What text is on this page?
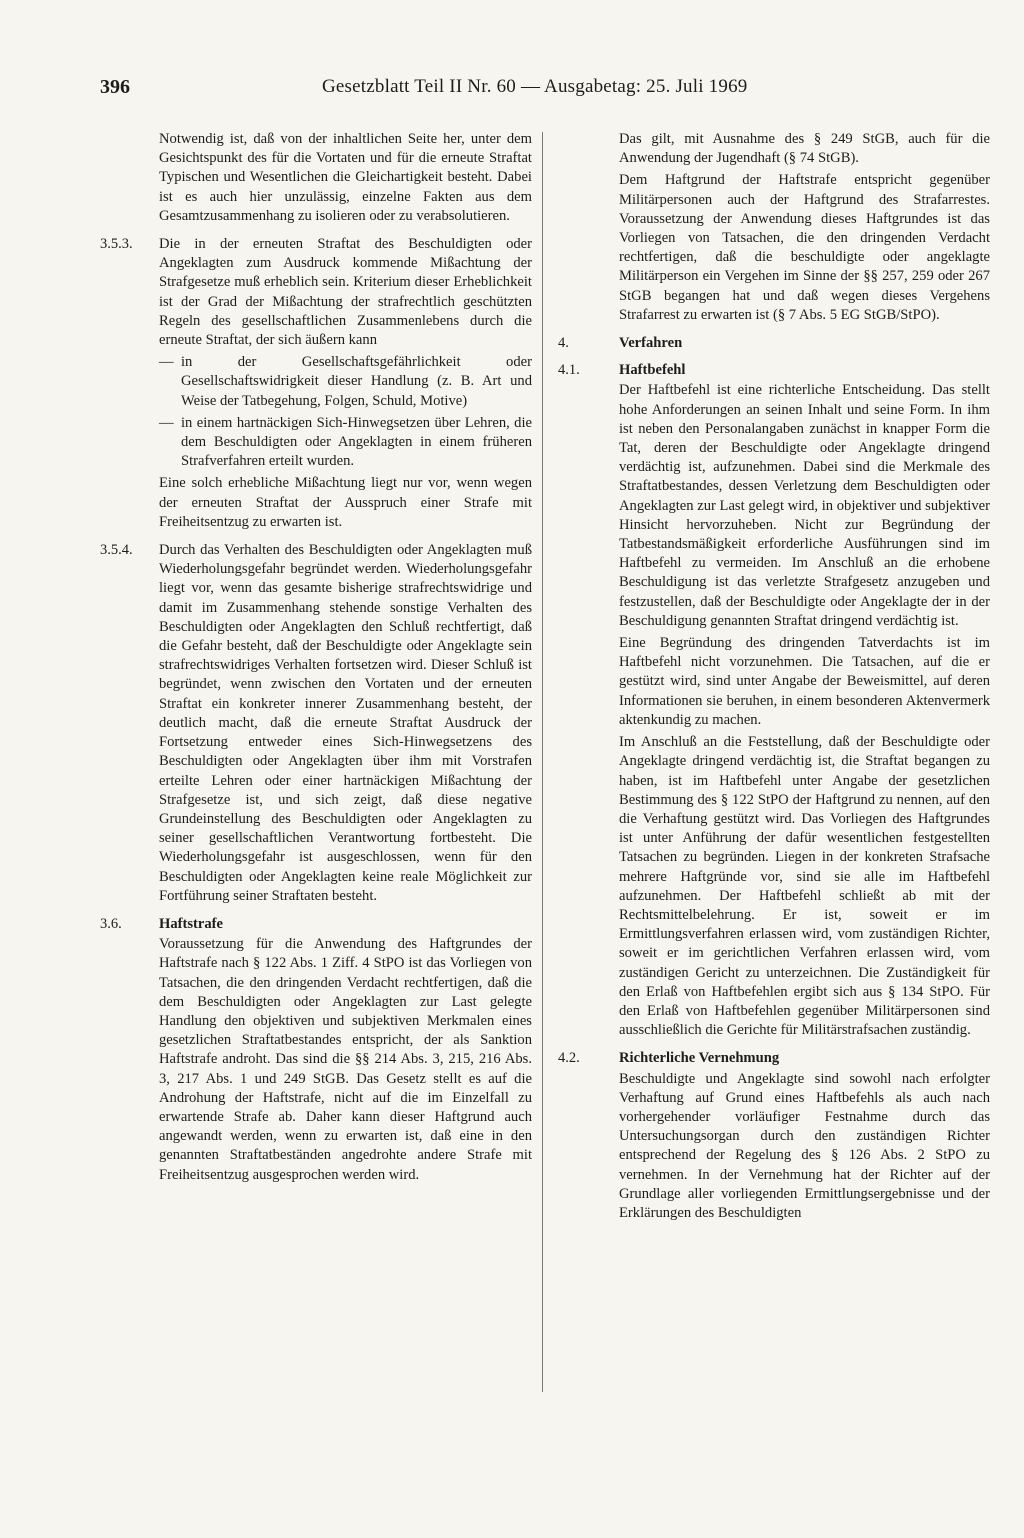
396	Gesetzblatt Teil II Nr. 60 — Ausgabetag: 25. Juli 1969

Notwendig ist, daß von der inhaltlichen Seite her, unter dem Gesichtspunkt des für die Vortaten und für die erneute Straftat Typischen und Wesentlichen die Gleichartigkeit besteht. Dabei ist es auch hier unzulässig, einzelne Fakten aus dem Gesamtzusammenhang zu isolieren oder zu verabsolutieren.

3.5.3. Die in der erneuten Straftat des Beschuldigten oder Angeklagten zum Ausdruck kommende Mißachtung der Strafgesetze muß erheblich sein. Kriterium dieser Erheblichkeit ist der Grad der Mißachtung der strafrechtlich geschützten Regeln des gesellschaftlichen Zusammenlebens durch die erneute Straftat, der sich äußern kann

— in der Gesellschaftsgefährlichkeit oder Gesellschaftswidrigkeit dieser Handlung (z. B. Art und Weise der Tatbegehung, Folgen, Schuld, Motive)

— in einem hartnäckigen Sich-Hinwegsetzen über Lehren, die dem Beschuldigten oder Angeklagten in einem früheren Strafverfahren erteilt wurden.

Eine solch erhebliche Mißachtung liegt nur vor, wenn wegen der erneuten Straftat der Ausspruch einer Strafe mit Freiheitsentzug zu erwarten ist.

3.5.4. Durch das Verhalten des Beschuldigten oder Angeklagten muß Wiederholungsgefahr begründet werden. Wiederholungsgefahr liegt vor, wenn das gesamte bisherige strafrechtswidrige und damit im Zusammenhang stehende sonstige Verhalten des Beschuldigten oder Angeklagten den Schluß rechtfertigt, daß die Gefahr besteht, daß der Beschuldigte oder Angeklagte sein strafrechtswidriges Verhalten fortsetzen wird. Dieser Schluß ist begründet, wenn zwischen den Vortaten und der erneuten Straftat ein konkreter innerer Zusammenhang besteht, der deutlich macht, daß die erneute Straftat Ausdruck der Fortsetzung entweder eines Sich-Hinwegsetzens des Beschuldigten oder Angeklagten über ihm mit Vorstrafen erteilte Lehren oder einer hartnäckigen Mißachtung der Strafgesetze ist, und sich zeigt, daß diese negative Grundeinstellung des Beschuldigten oder Angeklagten zu seiner gesellschaftlichen Verantwortung fortbesteht. Die Wiederholungsgefahr ist ausgeschlossen, wenn für den Beschuldigten oder Angeklagten keine reale Möglichkeit zur Fortführung seiner Straftaten besteht.

3.6.	Haftstrafe

Voraussetzung für die Anwendung des Haftgrundes der Haftstrafe nach § 122 Abs. 1 Ziff. 4 StPO ist das Vorliegen von Tatsachen, die den dringenden Verdacht rechtfertigen, daß die dem Beschuldigten oder Angeklagten zur Last gelegte Handlung den objektiven und subjektiven Merkmalen eines gesetzlichen Straftatbestandes entspricht, der als Sanktion Haftstrafe androht. Das sind die §§ 214 Abs. 3, 215, 216 Abs. 3, 217 Abs. 1 und 249 StGB. Das Gesetz stellt es auf die Androhung der Haftstrafe, nicht auf die im Einzelfall zu erwartende Strafe ab. Daher kann dieser Haftgrund auch angewandt werden, wenn zu erwarten ist, daß eine in den genannten Straftatbeständen angedrohte andere Strafe mit Freiheitsentzug ausgesprochen werden wird.

Das gilt, mit Ausnahme des § 249 StGB, auch für die Anwendung der Jugendhaft (§ 74 StGB).

Dem Haftgrund der Haftstrafe entspricht gegenüber Militärpersonen auch der Haftgrund des Strafarrestes. Voraussetzung der Anwendung dieses Haftgrundes ist das Vorliegen von Tatsachen, die den dringenden Verdacht rechtfertigen, daß die beschuldigte oder angeklagte Militärperson ein Vergehen im Sinne der §§ 257, 259 oder 267 StGB begangen hat und daß wegen dieses Vergehens Strafarrest zu erwarten ist (§ 7 Abs. 5 EG StGB/StPO).

4.	Verfahren
4.1.	Haftbefehl

Der Haftbefehl ist eine richterliche Entscheidung. Das stellt hohe Anforderungen an seinen Inhalt und seine Form. In ihm ist neben den Personalangaben zunächst in knapper Form die Tat, deren der Beschuldigte oder Angeklagte dringend verdächtig ist, aufzunehmen. Dabei sind die Merkmale des Straftatbestandes, dessen Verletzung dem Beschuldigten oder Angeklagten zur Last gelegt wird, in objektiver und subjektiver Hinsicht hervorzuheben. Nicht zur Begründung der Tatbestandsmäßigkeit erforderliche Ausführungen sind im Haftbefehl zu vermeiden. Im Anschluß an die erhobene Beschuldigung ist das verletzte Strafgesetz anzugeben und festzustellen, daß der Beschuldigte oder Angeklagte der in der Beschuldigung genannten Straftat dringend verdächtig ist.

Eine Begründung des dringenden Tatverdachts ist im Haftbefehl nicht vorzunehmen. Die Tatsachen, auf die er gestützt wird, sind unter Angabe der Beweismittel, auf deren Informationen sie beruhen, in einem besonderen Aktenvermerk aktenkundig zu machen.

Im Anschluß an die Feststellung, daß der Beschuldigte oder Angeklagte dringend verdächtig ist, die Straftat begangen zu haben, ist im Haftbefehl unter Angabe der gesetzlichen Bestimmung des § 122 StPO der Haftgrund zu nennen, auf den die Verhaftung gestützt wird. Das Vorliegen des Haftgrundes ist unter Anführung der dafür wesentlichen festgestellten Tatsachen zu begründen. Liegen in der konkreten Strafsache mehrere Haftgründe vor, sind sie alle im Haftbefehl aufzunehmen. Der Haftbefehl schließt ab mit der Rechtsmittelbelehrung. Er ist, soweit er im Ermittlungsverfahren erlassen wird, vom zuständigen Richter, soweit er im gerichtlichen Verfahren erlassen wird, vom zuständigen Gericht zu unterzeichnen. Die Zuständigkeit für den Erlaß von Haftbefehlen ergibt sich aus § 134 StPO. Für den Erlaß von Haftbefehlen gegenüber Militärpersonen sind ausschließlich die Gerichte für Militärstrafsachen zuständig.

4.2.	Richterliche Vernehmung

Beschuldigte und Angeklagte sind sowohl nach erfolgter Verhaftung auf Grund eines Haftbefehls als auch nach vorhergehender vorläufiger Festnahme durch das Untersuchungsorgan durch den zuständigen Richter entsprechend der Regelung des § 126 Abs. 2 StPO zu vernehmen. In der Vernehmung hat der Richter auf der Grundlage aller vorliegenden Ermittlungsergebnisse und der Erklärungen des Beschuldigten
